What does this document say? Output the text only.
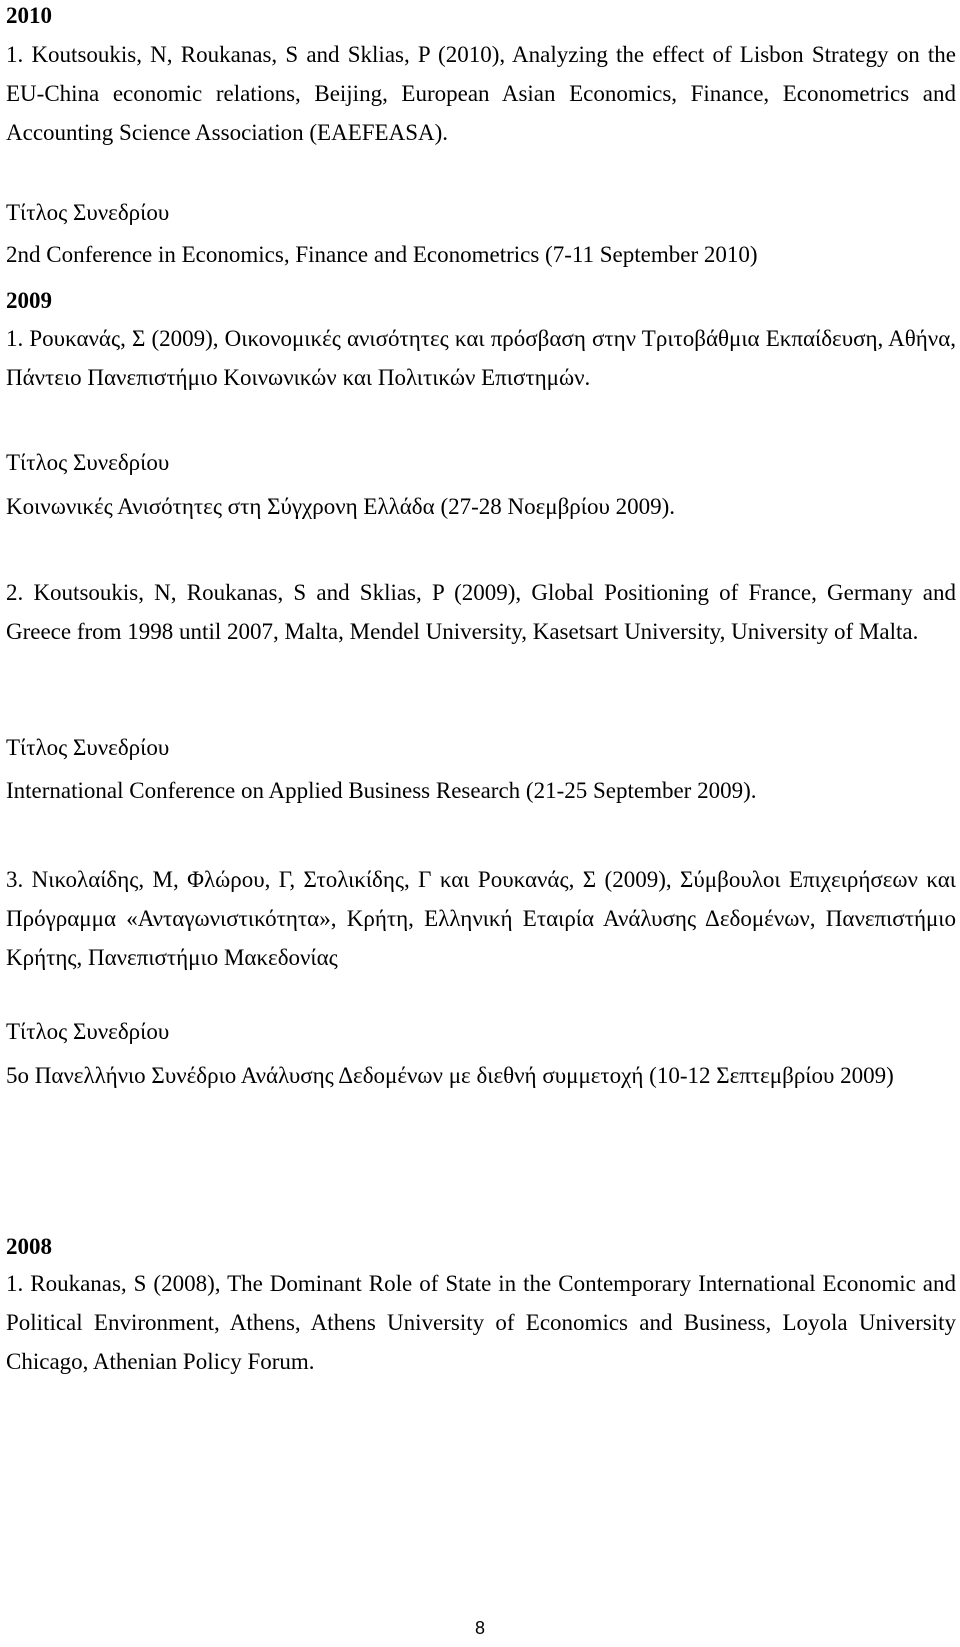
2010

1. Koutsoukis, N, Roukanas, S and Sklias, P (2010), Analyzing the effect of Lisbon Strategy on the EU-China economic relations, Beijing, European Asian Economics, Finance, Econometrics and Accounting Science Association (EAEFEASA).

Τίτλος Συνεδρίου

2nd Conference in Economics, Finance and Econometrics (7-11 September 2010)

2009

1. Ρουκανάς, Σ (2009), Οικονομικές ανισότητες και πρόσβαση στην Τριτοβάθμια Εκπαίδευση, Αθήνα, Πάντειο Πανεπιστήμιο Κοινωνικών και Πολιτικών Επιστημών.

Τίτλος Συνεδρίου

Κοινωνικές Ανισότητες στη Σύγχρονη Ελλάδα (27-28 Νοεμβρίου 2009).

2. Koutsoukis, N, Roukanas, S and Sklias, P (2009), Global Positioning of France, Germany and Greece from 1998 until 2007, Malta, Mendel University, Kasetsart University, University of Malta.

Τίτλος Συνεδρίου

International Conference on Applied Business Research (21-25 September 2009).

3. Νικολαίδης, Μ, Φλώρου, Γ, Στολικίδης, Γ και Ρουκανάς, Σ (2009), Σύμβουλοι Επιχειρήσεων και Πρόγραμμα «Ανταγωνιστικότητα», Κρήτη, Ελληνική Εταιρία Ανάλυσης Δεδομένων, Πανεπιστήμιο Κρήτης, Πανεπιστήμιο Μακεδονίας

Τίτλος Συνεδρίου

5ο Πανελλήνιο Συνέδριο Ανάλυσης Δεδομένων με διεθνή συμμετοχή (10-12 Σεπτεμβρίου 2009)

2008

1. Roukanas, S (2008), The Dominant Role of State in the Contemporary International Economic and Political Environment, Athens, Athens University of Economics and Business, Loyola University Chicago, Athenian Policy Forum.

8
